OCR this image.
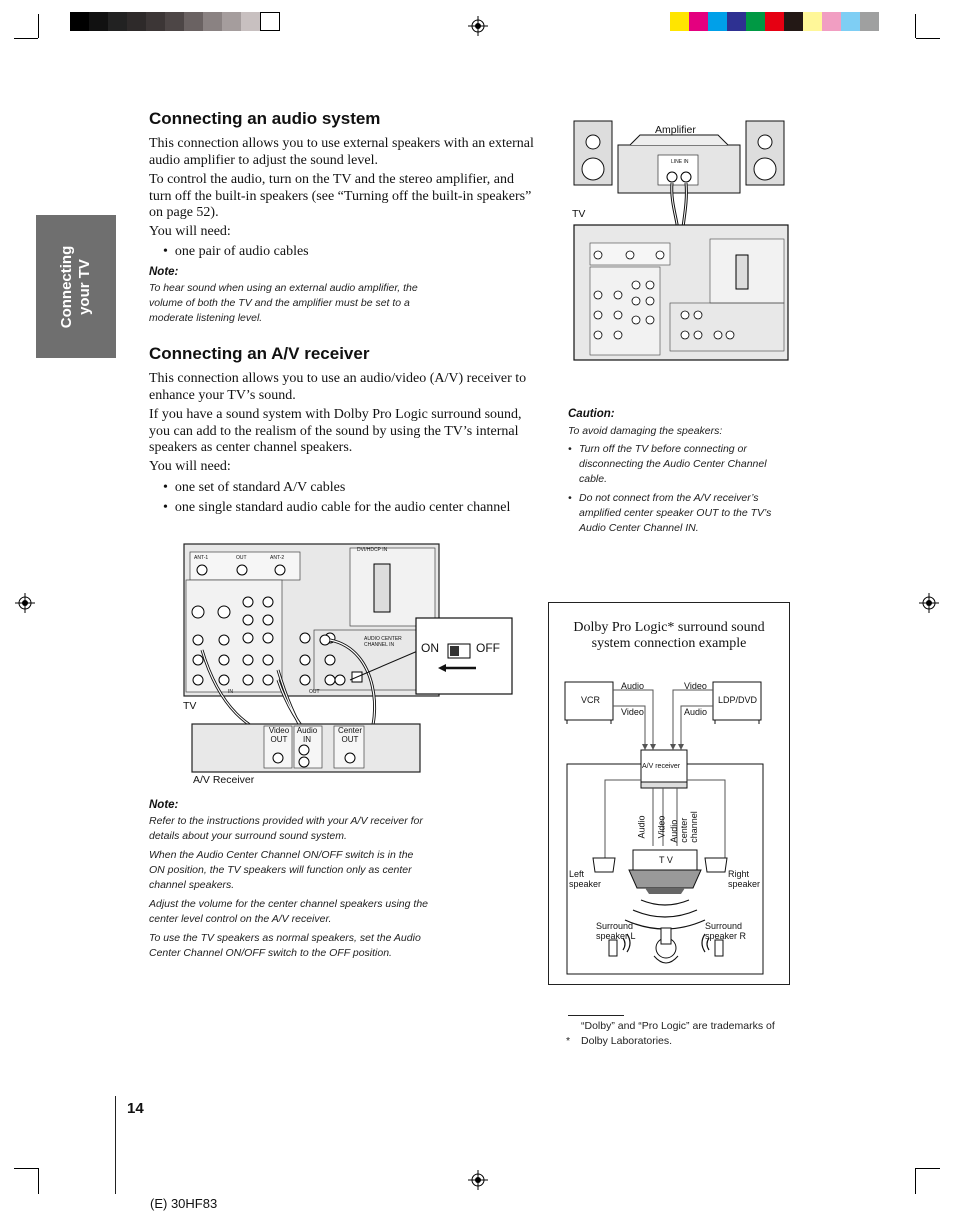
Connecting your TV
Connecting an audio system

This connection allows you to use external speakers with an external audio amplifier to adjust the sound level.

To control the audio, turn on the TV and the stereo amplifier, and turn off the built-in speakers (see “Turning off the built-in speakers” on page 52).

You will need:

•  one pair of audio cables
Note:
To hear sound when using an external audio amplifier, the volume of both the TV and the amplifier must be set to a moderate listening level.
Connecting an A/V receiver

This connection allows you to use an audio/video (A/V) receiver to enhance your TV’s sound.

If you have a sound system with Dolby Pro Logic surround sound, you can add to the realism of the sound by using the TV’s internal speakers as center channel speakers.

You will need:

•  one set of standard A/V cables
•  one single standard audio cable for the audio center channel
ON	OFF
TV
A/V Receiver
Video OUT
Audio IN
Center OUT
ANT-1	OUT	ANT-2
DVI/HDCP IN
AUDIO CENTER CHANNEL IN
IN	OUT
Note:
Refer to the instructions provided with your A/V receiver for details about your surround sound system.
When the Audio Center Channel ON/OFF switch is in the ON position, the TV speakers will function only as center channel speakers.
Adjust the volume for the center channel speakers using the center level control on the A/V receiver.
To use the TV speakers as normal speakers, set the Audio Center Channel ON/OFF switch to the OFF position.
Amplifier
TV
LINE IN
Caution:
To avoid damaging the speakers:
• Turn off the TV before connecting or disconnecting the Audio Center Channel cable.
• Do not connect from the A/V receiver’s amplified center speaker OUT to the TV’s Audio Center Channel IN.
Dolby Pro Logic* surround sound
system connection example
VCR	LDP/DVD
Audio
Video
Video
Audio
A/V receiver
Audio Video Audio center channel
T V
Left
speaker
Right
speaker
Surround
speaker L
Surround
speaker R
* “Dolby” and “Pro Logic” are trademarks of
Dolby Laboratories.
14
(E) 30HF83
